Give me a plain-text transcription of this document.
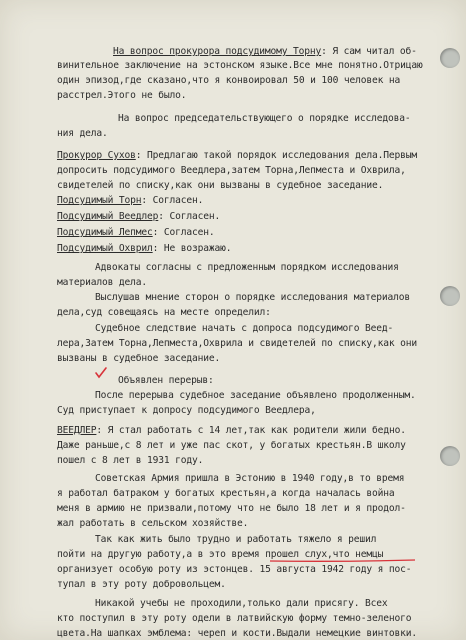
На вопрос прокурора подсудимому Торну: Я сам читал об-
винительное заключение на эстонском языке.Все мне понятно.Отрицаю
один эпизод,где сказано,что я конвоировал 50 и 100 человек на
расстрел.Этого не было.
На вопрос председательствующего о порядке исследова-
ния дела.
Прокурор Сухов: Предлагаю такой порядок исследования дела.Первым
допросить подсудимого Веедлера,затем Торна,Лепместа и Охврила,
свидетелей по списку,как они вызваны в судебное заседание.
Подсудимый Торн: Согласен.
Подсудимый Веедлер: Согласен.
Подсудимый Лепмес: Согласен.
Подсудимый Охврил: Не возражаю.
Адвокаты согласны с предложенным порядком исследования
материалов дела.
Выслушав мнение сторон о порядке исследования материалов
дела,суд совещаясь на месте определил:
Судебное следствие начать с допроса подсудимого Веед-
лера,Затем Торна,Лепместа,Охврила и свидетелей по списку,как они
вызваны в судебное заседание.
Объявлен перерыв:
После перерыва судебное заседание объявлено продолженным.
Суд приступает к допросу подсудимого Веедлера,
ВЕЕДЛЕР: Я стал работать с 14 лет,так как родители жили бедно.
Даже раньше,с 8 лет и уже пас скот, у богатых крестьян.В школу
пошел с 8 лет в 1931 году.
Советская Армия пришла в Эстонию в 1940 году,в то время
я работал батраком у богатых крестьян,а когда началась война
меня в армию не призвали,потому что не было 18 лет и я продол-
жал работать в сельском хозяйстве.
Так как жить было трудно и работать тяжело я решил
пойти на другую работу,а в это время прошел слух,что немцы
организует особую роту из эстонцев. 15 августа 1942 году я пос-
тупал в эту роту добровольцем.
Никакой учебы не проходили,только дали присягу. Всех
кто поступил в эту роту одели в латвийскую форму темно-зеленого
цвета.На шапках эмблема: череп и кости.Выдали немецкие винтовки.
